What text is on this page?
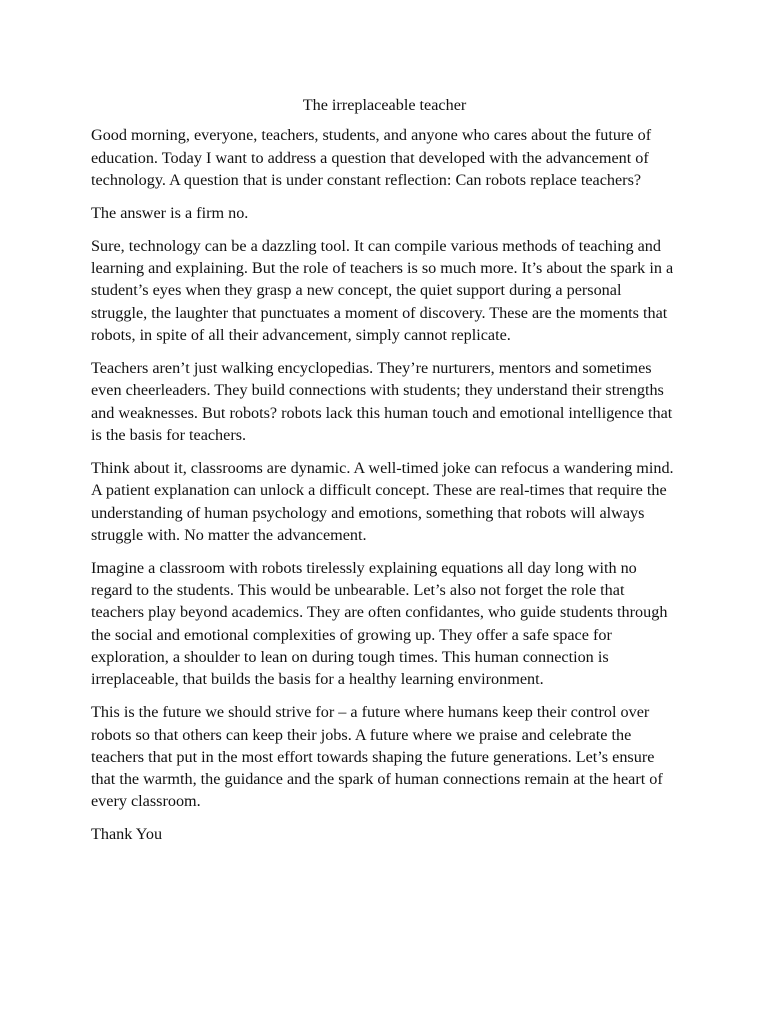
The irreplaceable teacher

Good morning, everyone, teachers, students, and anyone who cares about the future of education. Today I want to address a question that developed with the advancement of technology. A question that is under constant reflection: Can robots replace teachers?

The answer is a firm no.

Sure, technology can be a dazzling tool. It can compile various methods of teaching and learning and explaining. But the role of teachers is so much more. It’s about the spark in a student’s eyes when they grasp a new concept, the quiet support during a personal struggle, the laughter that punctuates a moment of discovery. These are the moments that robots, in spite of all their advancement, simply cannot replicate.

Teachers aren’t just walking encyclopedias. They’re nurturers, mentors and sometimes even cheerleaders. They build connections with students; they understand their strengths and weaknesses. But robots? robots lack this human touch and emotional intelligence that is the basis for teachers.

Think about it, classrooms are dynamic. A well-timed joke can refocus a wandering mind. A patient explanation can unlock a difficult concept. These are real-times that require the understanding of human psychology and emotions, something that robots will always struggle with. No matter the advancement.

Imagine a classroom with robots tirelessly explaining equations all day long with no regard to the students. This would be unbearable. Let’s also not forget the role that teachers play beyond academics. They are often confidantes, who guide students through the social and emotional complexities of growing up. They offer a safe space for exploration, a shoulder to lean on during tough times. This human connection is irreplaceable, that builds the basis for a healthy learning environment.

This is the future we should strive for – a future where humans keep their control over robots so that others can keep their jobs. A future where we praise and celebrate the teachers that put in the most effort towards shaping the future generations. Let’s ensure that the warmth, the guidance and the spark of human connections remain at the heart of every classroom.

Thank You
